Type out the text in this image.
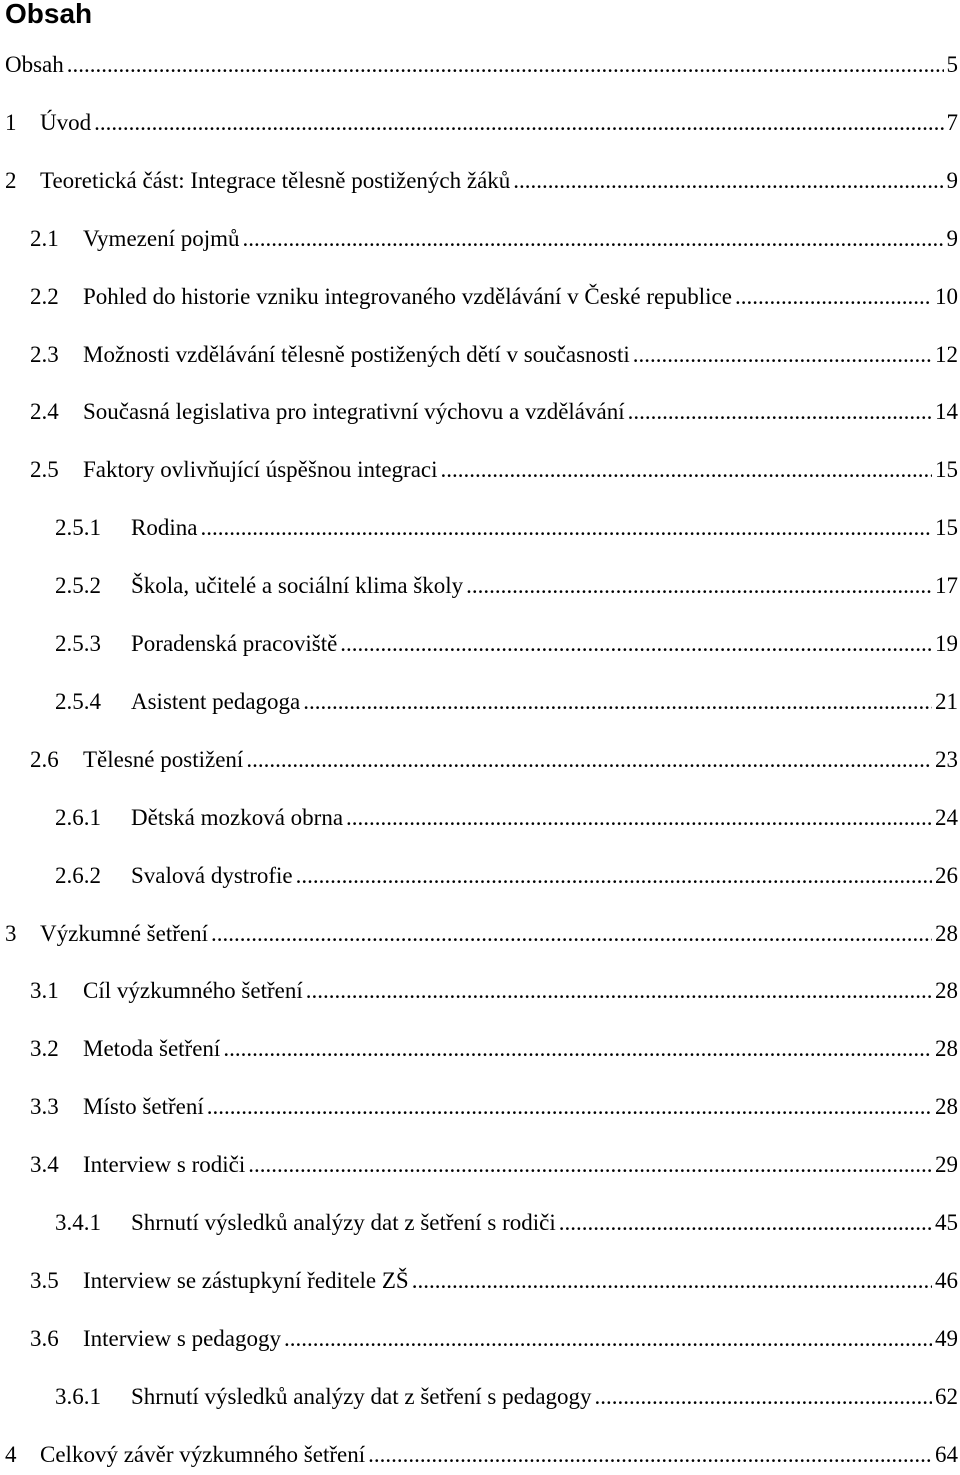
Obsah
Obsah .....	5
1	Úvod .....	7
2	Teoretická část: Integrace tělesně postižených žáků .....	9
2.1	Vymezení pojmů .....	9
2.2	Pohled do historie vzniku integrovaného vzdělávání v České republice .....	10
2.3	Možnosti vzdělávání tělesně postižených dětí v současnosti .....	12
2.4	Současná legislativa pro integrativní výchovu a vzdělávání .....	14
2.5	Faktory ovlivňující úspěšnou integraci .....	15
2.5.1	Rodina .....	15
2.5.2	Škola, učitelé a sociální klima školy .....	17
2.5.3	Poradenská pracoviště .....	19
2.5.4	Asistent pedagoga .....	21
2.6	Tělesné postižení .....	23
2.6.1	Dětská mozková obrna .....	24
2.6.2	Svalová dystrofie .....	26
3	Výzkumné šetření .....	28
3.1	Cíl výzkumného šetření .....	28
3.2	Metoda šetření .....	28
3.3	Místo šetření .....	28
3.4	Interview s rodiči .....	29
3.4.1	Shrnutí výsledků analýzy dat z šetření s rodiči .....	45
3.5	Interview se zástupkyní ředitele ZŠ .....	46
3.6	Interview s pedagogy .....	49
3.6.1	Shrnutí výsledků analýzy dat z šetření s pedagogy .....	62
4	Celkový závěr výzkumného šetření .....	64
